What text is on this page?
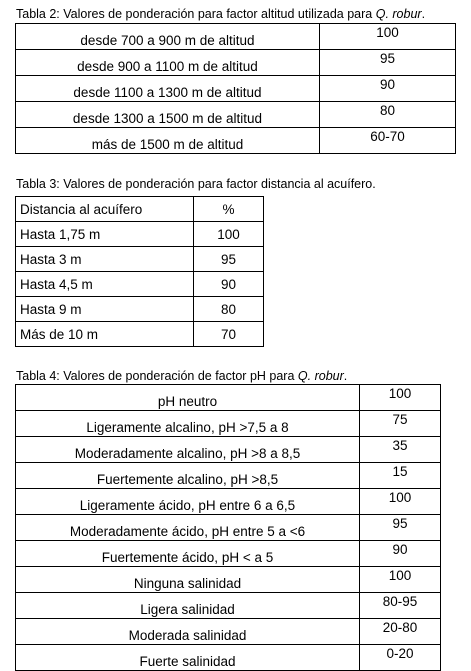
Tabla 2: Valores de ponderación para factor altitud utilizada para Q. robur.
desde 700 a 900 m de altitud	100
desde 900 a 1100 m de altitud	95
desde 1100 a 1300 m de altitud	90
desde 1300 a 1500 m de altitud	80
más de 1500 m de altitud	60-70
Tabla 3: Valores de ponderación para factor distancia al acuífero.
Distancia al acuífero	%
Hasta 1,75 m	100
Hasta 3 m	95
Hasta 4,5 m	90
Hasta 9 m	80
Más de 10 m	70
Tabla 4: Valores de ponderación de factor pH para Q. robur.
pH neutro	100
Ligeramente alcalino, pH >7,5 a 8	75
Moderadamente alcalino, pH >8 a 8,5	35
Fuertemente alcalino, pH >8,5	15
Ligeramente ácido, pH entre 6 a 6,5	100
Moderadamente ácido, pH entre 5 a <6	95
Fuertemente ácido, pH < a 5	90
Ninguna salinidad	100
Ligera salinidad	80-95
Moderada salinidad	20-80
Fuerte salinidad	0-20
